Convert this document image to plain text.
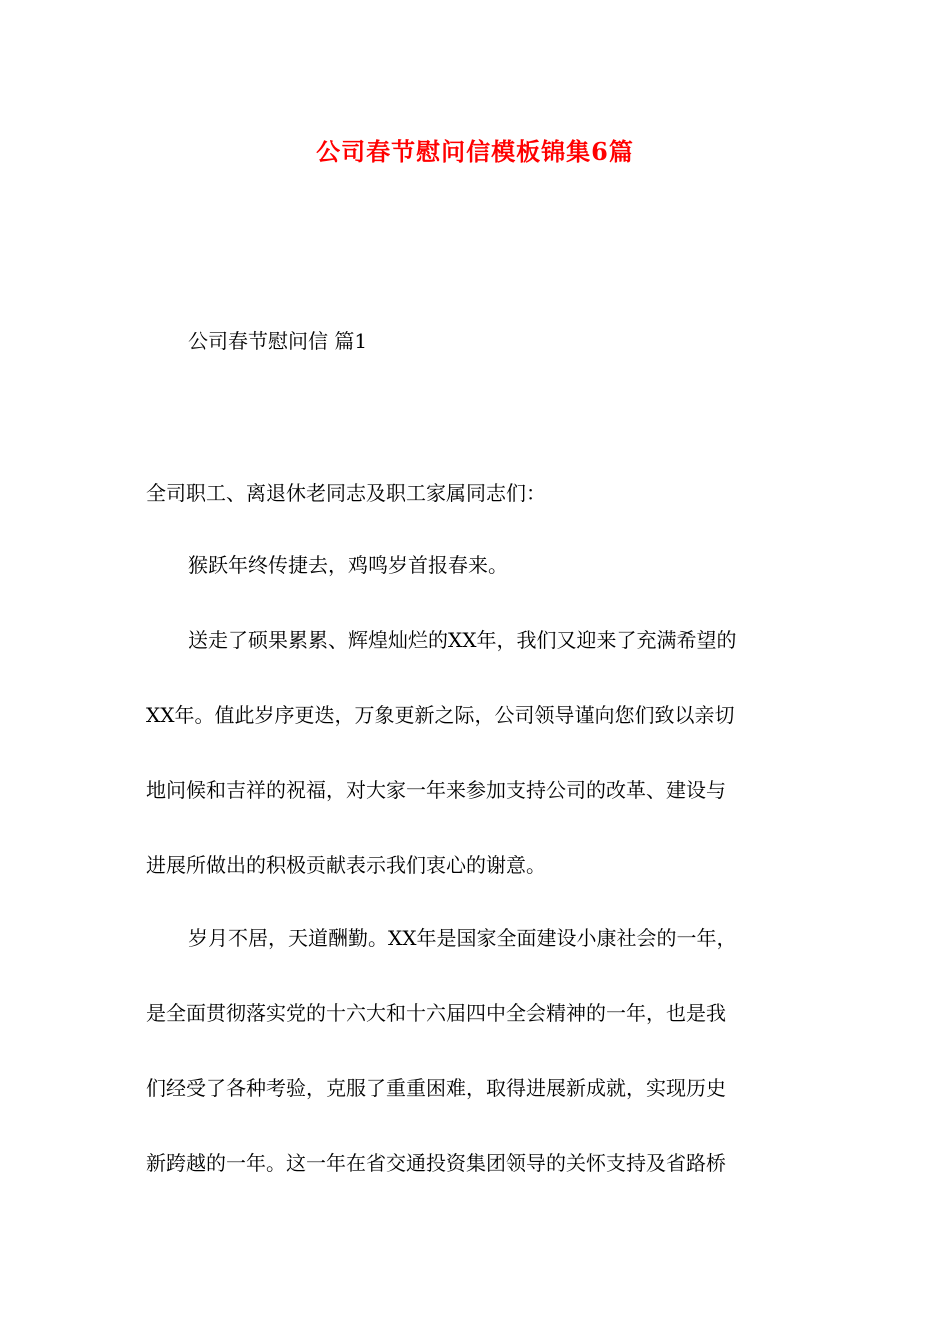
公司春节慰问信模板锦集6篇
公司春节慰问信 篇1
全司职工、离退休老同志及职工家属同志们：
猴跃年终传捷去，鸡鸣岁首报春来。
送走了硕果累累、辉煌灿烂的XX年，我们又迎来了充满希望的
XX年。值此岁序更迭，万象更新之际，公司领导谨向您们致以亲切
地问候和吉祥的祝福，对大家一年来参加支持公司的改革、建设与
进展所做出的积极贡献表示我们衷心的谢意。
岁月不居，天道酬勤。XX年是国家全面建设小康社会的一年，
是全面贯彻落实党的十六大和十六届四中全会精神的一年，也是我
们经受了各种考验，克服了重重困难，取得进展新成就，实现历史
新跨越的一年。这一年在省交通投资集团领导的关怀支持及省路桥
